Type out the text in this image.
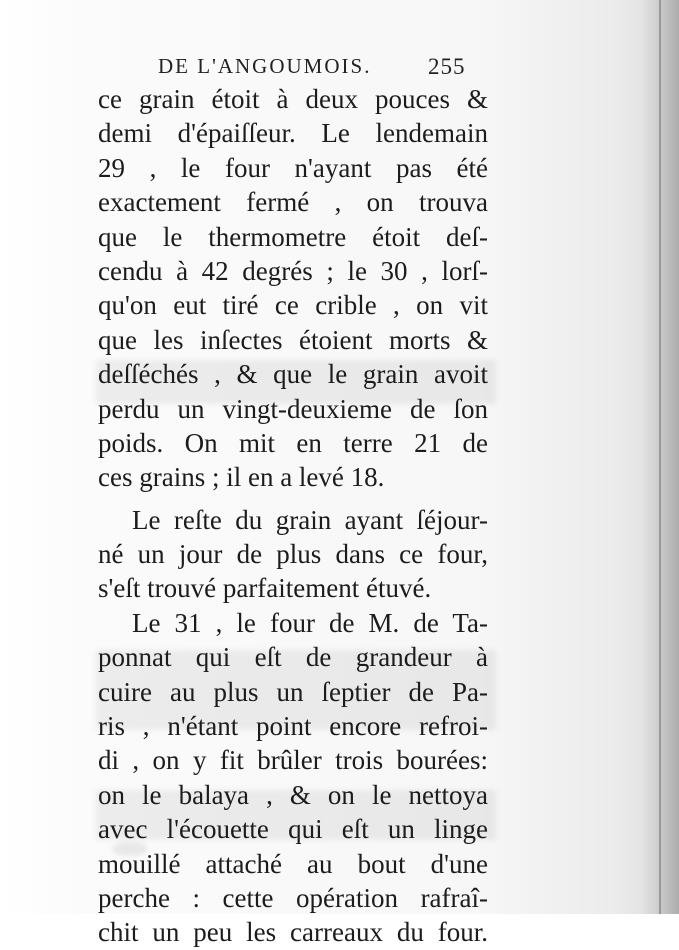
DE L'ANGOUMOIS. 255
ce grain étoit à deux pouces &
demi d'épaiſſeur. Le lendemain
29 , le four n'ayant pas été
exactement fermé , on trouva
que le thermometre étoit deſ-
cendu à 42 degrés ; le 30 , lorſ-
qu'on eut tiré ce crible , on vit
que les inſectes étoient morts &
deſſéchés , & que le grain avoit
perdu un vingt-deuxieme de ſon
poids. On mit en terre 21 de
ces grains ; il en a levé 18.
Le reſte du grain ayant ſéjour-
né un jour de plus dans ce four,
s'eſt trouvé parfaitement étuvé.
Le 31 , le four de M. de Ta-
ponnat qui eſt de grandeur à
cuire au plus un ſeptier de Pa-
ris , n'étant point encore refroi-
di , on y fit brûler trois bourées:
on le balaya , & on le nettoya
avec l'écouette qui eſt un linge
mouillé attaché au bout d'une
perche : cette opération rafraî-
chit un peu les carreaux du four.
